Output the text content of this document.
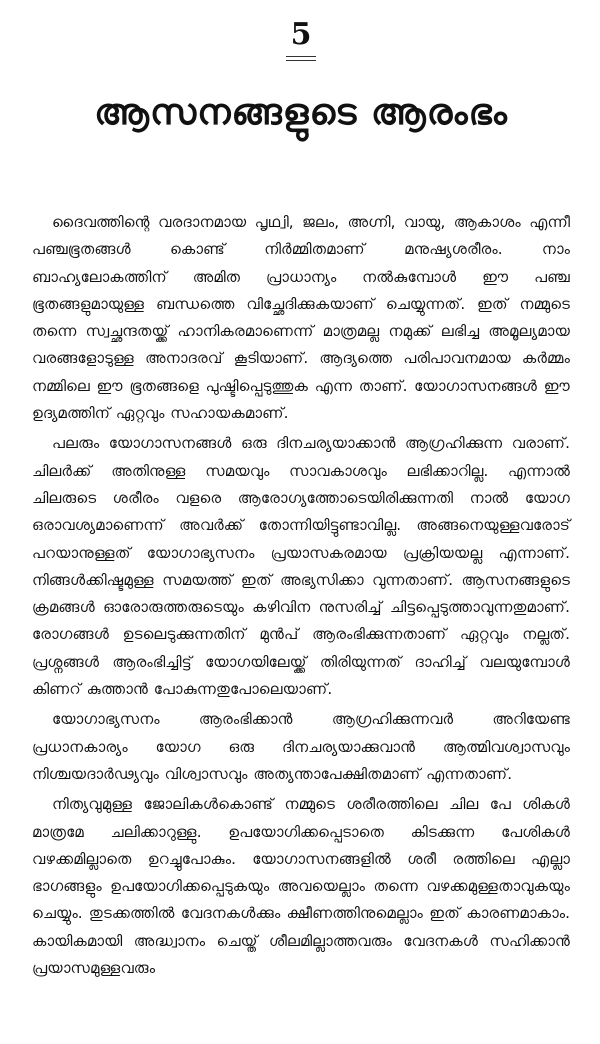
5
ആസനങ്ങളുടെ ആരംഭം

ദൈവത്തിന്റെ വരദാനമായ പൃഥ്വി, ജലം, അഗ്നി, വായു, ആകാശം എന്നീ പഞ്ചഭൂതങ്ങൾ കൊണ്ട് നിർമ്മിതമാണ് മനുഷ്യശരീരം. നാം ബാഹ്യലോകത്തിന് അമിത പ്രാധാന്യം നൽകുമ്പോൾ ഈ പഞ്ച ഭൂതങ്ങളുമായുള്ള ബന്ധത്തെ വിച്ഛേദിക്കുകയാണ് ചെയ്യുന്നത്. ഇത് നമ്മുടെ തന്നെ സ്വച്ഛന്ദതയ്ക്ക് ഹാനികരമാണെന്ന് മാത്രമല്ല നമുക്ക് ലഭിച്ച അമൂല്യമായ വരങ്ങളോടുള്ള അനാദരവ് കൂടിയാണ്. ആദ്യത്തെ പരിപാവനമായ കർമ്മം നമ്മിലെ ഈ ഭൂതങ്ങളെ പുഷ്ടിപ്പെടുത്തുക എന്ന താണ്. യോഗാസനങ്ങൾ ഈ ഉദ്യമത്തിന് ഏറ്റവും സഹായകമാണ്.

പലരും യോഗാസനങ്ങൾ ഒരു ദിനചര്യയാക്കാൻ ആഗ്രഹിക്കുന്ന വരാണ്. ചിലർക്ക് അതിനുള്ള സമയവും സാവകാശവും ലഭിക്കാറില്ല. എന്നാൽ ചിലരുടെ ശരീരം വളരെ ആരോഗ്യത്തോടെയിരിക്കുന്നതി നാൽ യോഗ ഒരാവശ്യമാണെന്ന് അവർക്ക് തോന്നിയിട്ടുണ്ടാവില്ല. അങ്ങനെയുള്ളവരോട് പറയാനുള്ളത് യോഗാഭ്യസനം പ്രയാസകരമായ പ്രക്രിയയല്ല എന്നാണ്. നിങ്ങൾക്കിഷ്ടമുള്ള സമയത്ത് ഇത് അഭ്യസിക്കാ വുന്നതാണ്. ആസനങ്ങളുടെ ക്രമങ്ങൾ ഓരോരുത്തരുടെയും കഴിവിന നുസരിച്ച് ചിട്ടപ്പെടുത്താവുന്നതുമാണ്. രോഗങ്ങൾ ഉടലെടുക്കുന്നതിന് മുൻപ് ആരംഭിക്കുന്നതാണ് ഏറ്റവും നല്ലത്. പ്രശ്നങ്ങൾ ആരംഭിച്ചിട്ട് യോഗയിലേയ്ക്ക് തിരിയുന്നത് ദാഹിച്ച് വലയുമ്പോൾ കിണറ് കുത്താൻ പോകുന്നതുപോലെയാണ്.

യോഗാഭ്യസനം ആരംഭിക്കാൻ ആഗ്രഹിക്കുന്നവർ അറിയേണ്ട പ്രധാനകാര്യം യോഗ ഒരു ദിനചര്യയാക്കുവാൻ ആത്മിവശ്വാസവും നിശ്ചയദാർഢ്യവും വിശ്വാസവും അത്യന്താപേക്ഷിതമാണ് എന്നതാണ്.

നിത്യവുമുള്ള ജോലികൾകൊണ്ട് നമ്മുടെ ശരീരത്തിലെ ചില പേ ശികൾ മാത്രമേ ചലിക്കാറുള്ളു. ഉപയോഗിക്കപ്പെടാതെ കിടക്കുന്ന പേശികൾ വഴക്കമില്ലാതെ ഉറച്ചുപോകും. യോഗാസനങ്ങളിൽ ശരീ രത്തിലെ എല്ലാ ഭാഗങ്ങളും ഉപയോഗിക്കപ്പെടുകയും അവയെല്ലാം തന്നെ വഴക്കമുള്ളതാവുകയും ചെയ്യും. തുടക്കത്തിൽ വേദനകൾക്കും ക്ഷീണത്തിനുമെല്ലാം ഇത് കാരണമാകാം. കായികമായി അദ്ധ്വാനം ചെയ്ത് ശീലമില്ലാത്തവരും വേദനകൾ സഹിക്കാൻ പ്രയാസമുള്ളവരും
